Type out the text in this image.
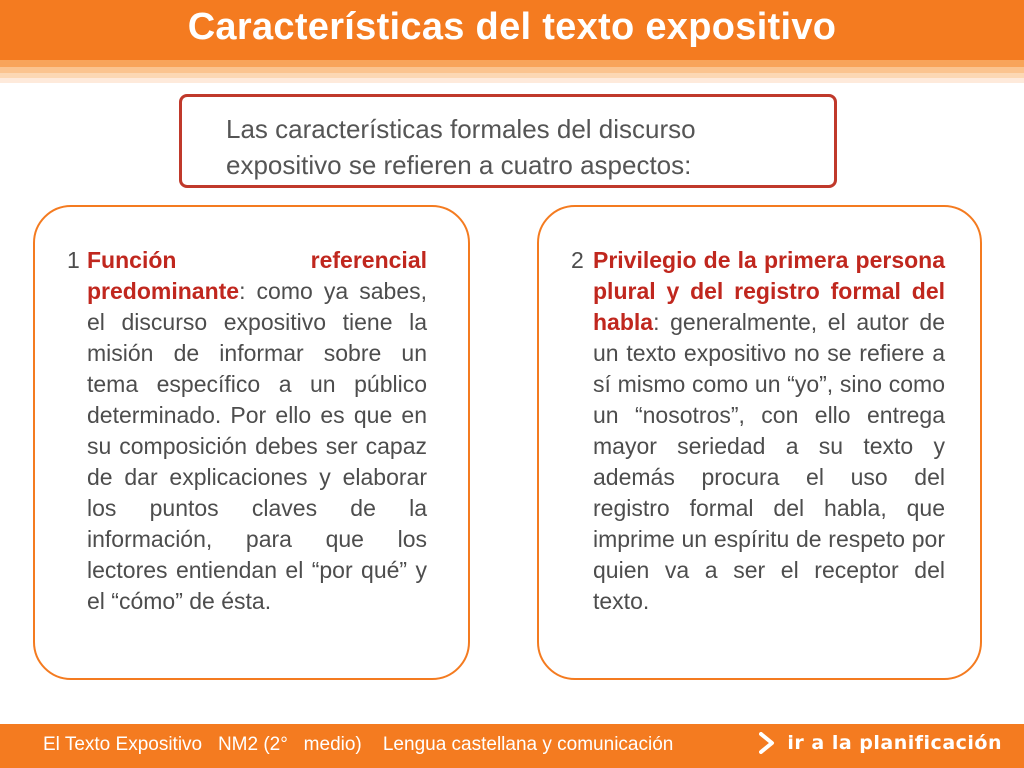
Características del texto expositivo
Las características formales del discurso expositivo se refieren a cuatro aspectos:
1 Función referencial predominante: como ya sabes, el discurso expositivo tiene la misión de informar sobre un tema específico a un público determinado. Por ello es que en su composición debes ser capaz de dar explicaciones y elaborar los puntos claves de la información, para que los lectores entiendan el “por qué” y el “cómo” de ésta.

2 Privilegio de la primera persona plural y del registro formal del habla: generalmente, el autor de un texto expositivo no se refiere a sí mismo como un “yo”, sino como un “nosotros”, con ello entrega mayor seriedad a su texto y además procura el uso del registro formal del habla, que imprime un espíritu de respeto por quien va a ser el receptor del texto.

El Texto Expositivo   NM2 (2°   medio)    Lengua castellana y comunicación	ir a la planificación
